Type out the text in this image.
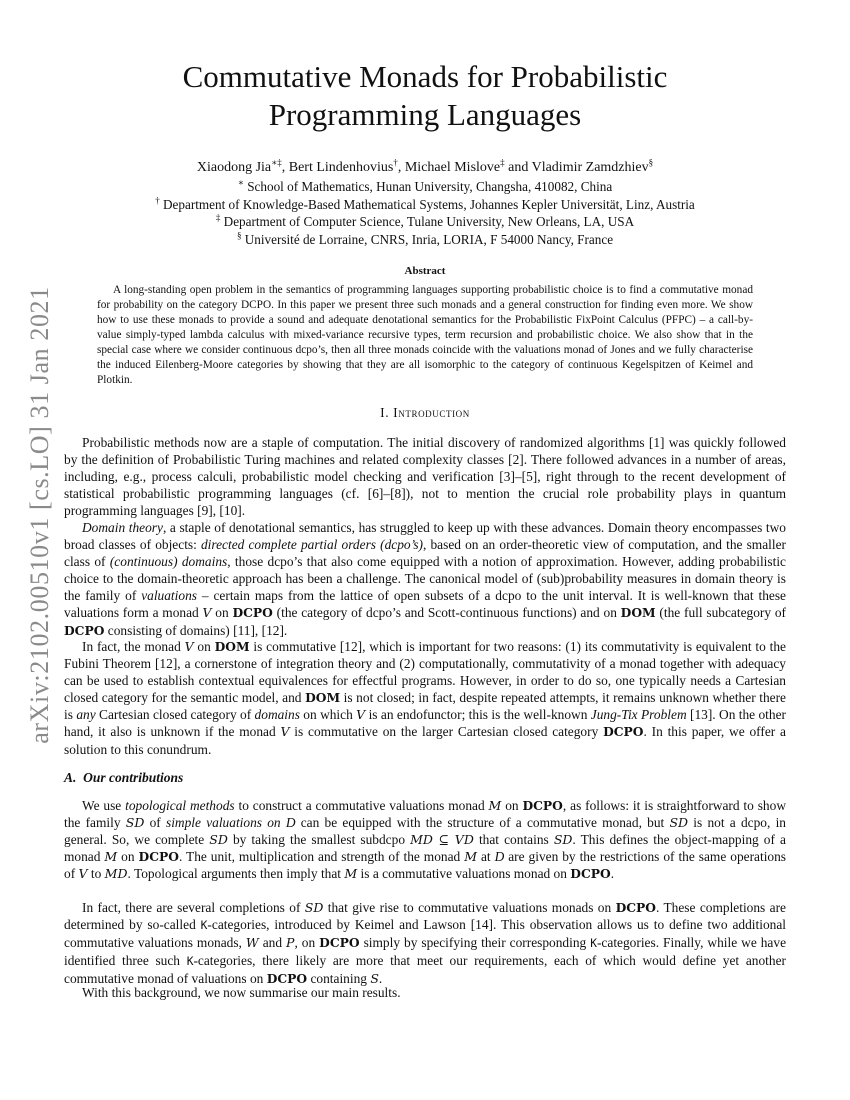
arXiv:2102.00510v1 [cs.LO] 31 Jan 2021
Commutative Monads for Probabilistic
Programming Languages
Xiaodong Jia∗‡, Bert Lindenhovius†, Michael Mislove‡ and Vladimir Zamdzhiev§
∗ School of Mathematics, Hunan University, Changsha, 410082, China
† Department of Knowledge-Based Mathematical Systems, Johannes Kepler Universität, Linz, Austria
‡ Department of Computer Science, Tulane University, New Orleans, LA, USA
§ Université de Lorraine, CNRS, Inria, LORIA, F 54000 Nancy, France
Abstract

A long-standing open problem in the semantics of programming languages supporting probabilistic choice is to find a commutative monad for probability on the category DCPO. In this paper we present three such monads and a general construction for finding even more. We show how to use these monads to provide a sound and adequate denotational semantics for the Probabilistic FixPoint Calculus (PFPC) – a call-by-value simply-typed lambda calculus with mixed-variance recursive types, term recursion and probabilistic choice. We also show that in the special case where we consider continuous dcpo’s, then all three monads coincide with the valuations monad of Jones and we fully characterise the induced Eilenberg-Moore categories by showing that they are all isomorphic to the category of continuous Kegelspitzen of Keimel and Plotkin.

I. Introduction

Probabilistic methods now are a staple of computation. The initial discovery of randomized algorithms [1] was quickly followed by the definition of Probabilistic Turing machines and related complexity classes [2]. There followed advances in a number of areas, including, e.g., process calculi, probabilistic model checking and verification [3]–[5], right through to the recent development of statistical probabilistic programming languages (cf. [6]–[8]), not to mention the crucial role probability plays in quantum programming languages [9], [10].

Domain theory, a staple of denotational semantics, has struggled to keep up with these advances. Domain theory encompasses two broad classes of objects: directed complete partial orders (dcpo’s), based on an order-theoretic view of computation, and the smaller class of (continuous) domains, those dcpo’s that also come equipped with a notion of approximation. However, adding probabilistic choice to the domain-theoretic approach has been a challenge. The canonical model of (sub)probability measures in domain theory is the family of valuations – certain maps from the lattice of open subsets of a dcpo to the unit interval. It is well-known that these valuations form a monad V on DCPO (the category of dcpo’s and Scott-continuous functions) and on DOM (the full subcategory of DCPO consisting of domains) [11], [12].

In fact, the monad V on DOM is commutative [12], which is important for two reasons: (1) its commutativity is equivalent to the Fubini Theorem [12], a cornerstone of integration theory and (2) computationally, commutativity of a monad together with adequacy can be used to establish contextual equivalences for effectful programs. However, in order to do so, one typically needs a Cartesian closed category for the semantic model, and DOM is not closed; in fact, despite repeated attempts, it remains unknown whether there is any Cartesian closed category of domains on which V is an endofunctor; this is the well-known Jung-Tix Problem [13]. On the other hand, it also is unknown if the monad V is commutative on the larger Cartesian closed category DCPO. In this paper, we offer a solution to this conundrum.

A. Our contributions

We use topological methods to construct a commutative valuations monad M on DCPO, as follows: it is straightforward to show the family SD of simple valuations on D can be equipped with the structure of a commutative monad, but SD is not a dcpo, in general. So, we complete SD by taking the smallest subdcpo MD ⊆ VD that contains SD. This defines the object-mapping of a monad M on DCPO. The unit, multiplication and strength of the monad M at D are given by the restrictions of the same operations of V to MD. Topological arguments then imply that M is a commutative valuations monad on DCPO.

In fact, there are several completions of SD that give rise to commutative valuations monads on DCPO. These completions are determined by so-called K-categories, introduced by Keimel and Lawson [14]. This observation allows us to define two additional commutative valuations monads, W and P, on DCPO simply by specifying their corresponding K-categories. Finally, while we have identified three such K-categories, there likely are more that meet our requirements, each of which would define yet another commutative monad of valuations on DCPO containing S.

With this background, we now summarise our main results.
